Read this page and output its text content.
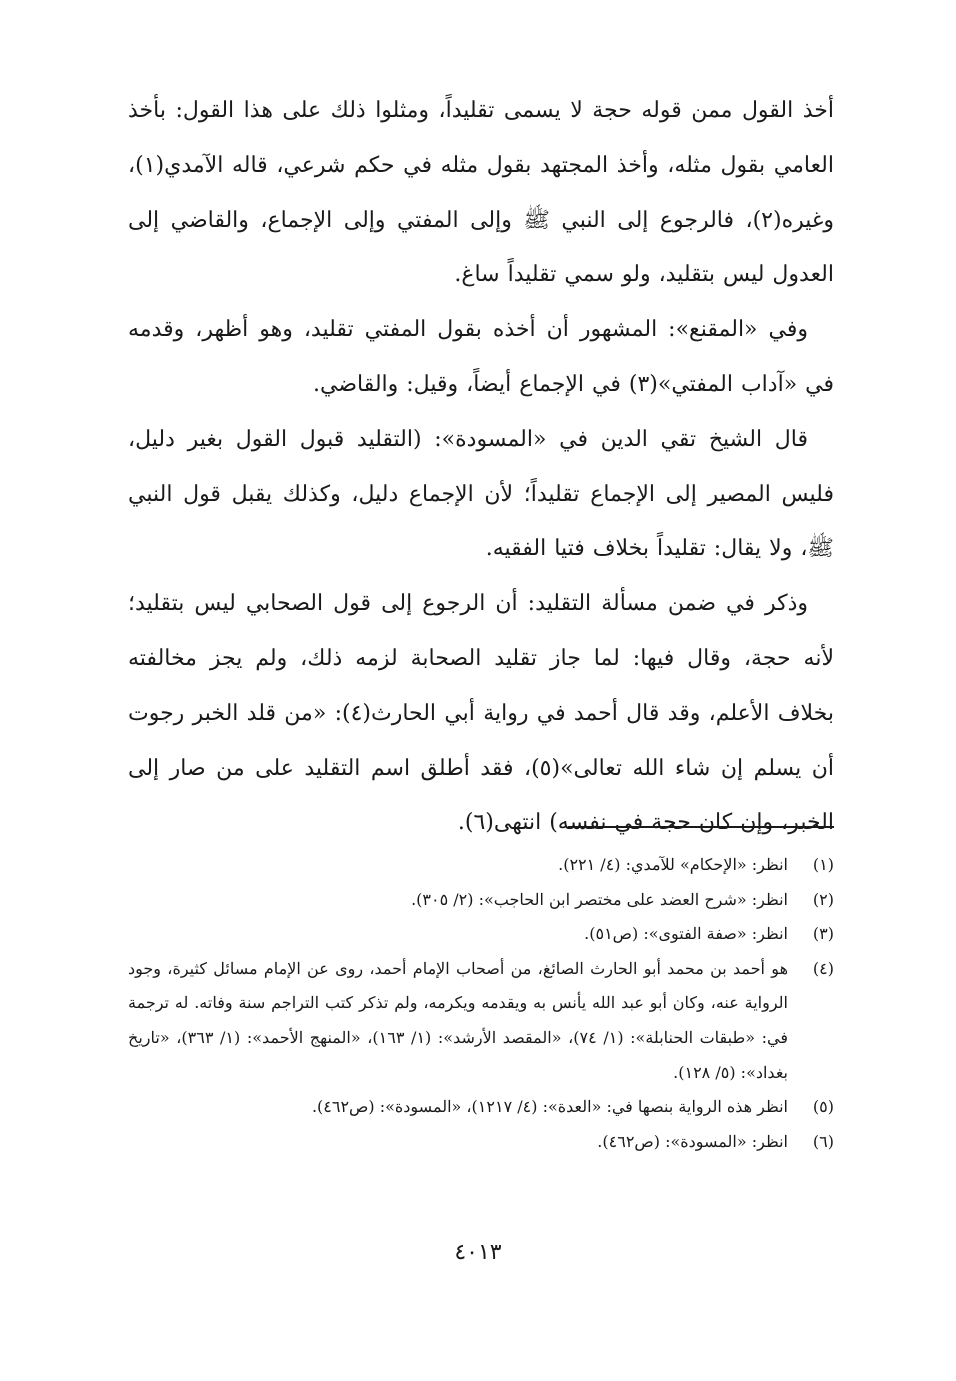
أخذ القول ممن قوله حجة لا يسمى تقليداً، ومثلوا ذلك على هذا القول: بأخذ العامي بقول مثله، وأخذ المجتهد بقول مثله في حكم شرعي، قاله الآمدي(١)، وغيره(٢)، فالرجوع إلى النبي ﷺ وإلى المفتي وإلى الإجماع، والقاضي إلى العدول ليس بتقليد، ولو سمي تقليداً ساغ.

وفي «المقنع»: المشهور أن أخذه بقول المفتي تقليد، وهو أظهر، وقدمه في «آداب المفتي»(٣) في الإجماع أيضاً، وقيل: والقاضي.

قال الشيخ تقي الدين في «المسودة»: (التقليد قبول القول بغير دليل، فليس المصير إلى الإجماع تقليداً؛ لأن الإجماع دليل، وكذلك يقبل قول النبي ﷺ، ولا يقال: تقليداً بخلاف فتيا الفقيه.

وذكر في ضمن مسألة التقليد: أن الرجوع إلى قول الصحابي ليس بتقليد؛ لأنه حجة، وقال فيها: لما جاز تقليد الصحابة لزمه ذلك، ولم يجز مخالفته بخلاف الأعلم، وقد قال أحمد في رواية أبي الحارث(٤): «من قلد الخبر رجوت أن يسلم إن شاء الله تعالى»(٥)، فقد أطلق اسم التقليد على من صار إلى الخبر، وإن كان حجة في نفسه) انتهى(٦).

(١)

انظر: «الإحكام» للآمدي: (٤/ ٢٢١).

(٢)

انظر: «شرح العضد على مختصر ابن الحاجب»: (٢/ ٣٠٥).

(٣)

انظر: «صفة الفتوى»: (ص٥١).

(٤)

هو أحمد بن محمد أبو الحارث الصائغ، من أصحاب الإمام أحمد، روى عن الإمام مسائل كثيرة، وجود الرواية عنه، وكان أبو عبد الله يأنس به ويقدمه ويكرمه، ولم تذكر كتب التراجم سنة وفاته. له ترجمة في: «طبقات الحنابلة»: (١/ ٧٤)، «المقصد الأرشد»: (١/ ١٦٣)، «المنهج الأحمد»: (١/ ٣٦٣)، «تاريخ بغداد»: (٥/ ١٢٨).

(٥)

انظر هذه الرواية بنصها في: «العدة»: (٤/ ١٢١٧)، «المسودة»: (ص٤٦٢).

(٦)

انظر: «المسودة»: (ص٤٦٢).

٤٠١٣
